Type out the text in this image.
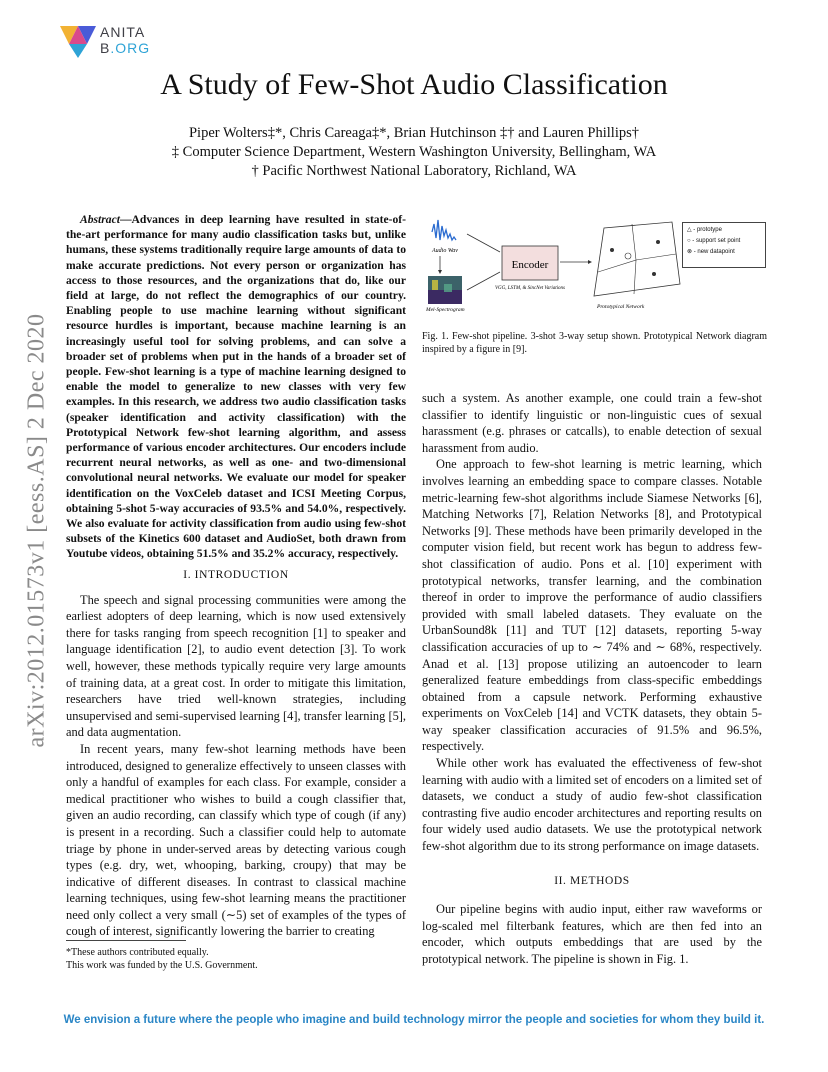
arXiv:2012.01573v1 [eess.AS] 2 Dec 2020
ANITA
B.ORG
A Study of Few-Shot Audio Classification
Piper Wolters‡*, Chris Careaga‡*, Brian Hutchinson ‡† and Lauren Phillips†
‡ Computer Science Department, Western Washington University, Bellingham, WA
† Pacific Northwest National Laboratory, Richland, WA

Abstract—Advances in deep learning have resulted in state-of-the-art performance for many audio classification tasks but, unlike humans, these systems traditionally require large amounts of data to make accurate predictions. Not every person or organization has access to those resources, and the organizations that do, like our field at large, do not reflect the demographics of our country. Enabling people to use machine learning without significant resource hurdles is important, because machine learning is an increasingly useful tool for solving problems, and can solve a broader set of problems when put in the hands of a broader set of people. Few-shot learning is a type of machine learning designed to enable the model to generalize to new classes with very few examples. In this research, we address two audio classification tasks (speaker identification and activity classification) with the Prototypical Network few-shot learning algorithm, and assess performance of various encoder architectures. Our encoders include recurrent neural networks, as well as one- and two-dimensional convolutional neural networks. We evaluate our model for speaker identification on the VoxCeleb dataset and ICSI Meeting Corpus, obtaining 5-shot 5-way accuracies of 93.5% and 54.0%, respectively. We also evaluate for activity classification from audio using few-shot subsets of the Kinetics 600 dataset and AudioSet, both drawn from Youtube videos, obtaining 51.5% and 35.2% accuracy, respectively.

I. INTRODUCTION

The speech and signal processing communities were among the earliest adopters of deep learning, which is now used extensively there for tasks ranging from speech recognition [1] to speaker and language identification [2], to audio event detection [3]. To work well, however, these methods typically require very large amounts of training data, at a great cost. In order to mitigate this limitation, researchers have tried well-known strategies, including unsupervised and semi-supervised learning [4], transfer learning [5], and data augmentation.

In recent years, many few-shot learning methods have been introduced, designed to generalize effectively to unseen classes with only a handful of examples for each class. For example, consider a medical practitioner who wishes to build a cough classifier that, given an audio recording, can classify which type of cough (if any) is present in a recording. Such a classifier could help to automate triage by phone in under-served areas by detecting various cough types (e.g. dry, wet, whooping, barking, croupy) that may be indicative of different diseases. In contrast to classical machine learning techniques, using few-shot learning means the practitioner need only collect a very small (∼5) set of examples of the types of cough of interest, significantly lowering the barrier to creating

*These authors contributed equally.
This work was funded by the U.S. Government.
Audio Wav
Mel-Spectrogram
Encoder
VGG, LSTM, & SincNet Variations
Prototypical Network
△ - prototype
○ - support set point
⊗ - new datapoint
Fig. 1. Few-shot pipeline. 3-shot 3-way setup shown. Prototypical Network diagram inspired by a figure in [9].

such a system. As another example, one could train a few-shot classifier to identify linguistic or non-linguistic cues of sexual harassment (e.g. phrases or catcalls), to enable detection of sexual harassment from audio.

One approach to few-shot learning is metric learning, which involves learning an embedding space to compare classes. Notable metric-learning few-shot algorithms include Siamese Networks [6], Matching Networks [7], Relation Networks [8], and Prototypical Networks [9]. These methods have been primarily developed in the computer vision field, but recent work has begun to address few-shot classification of audio. Pons et al. [10] experiment with prototypical networks, transfer learning, and the combination thereof in order to improve the performance of audio classifiers provided with small labeled datasets. They evaluate on the UrbanSound8k [11] and TUT [12] datasets, reporting 5-way classification accuracies of up to ∼ 74% and ∼ 68%, respectively. Anad et al. [13] propose utilizing an autoencoder to learn generalized feature embeddings from class-specific embeddings obtained from a capsule network. Performing exhaustive experiments on VoxCeleb [14] and VCTK datasets, they obtain 5-way speaker classification accuracies of 91.5% and 96.5%, respectively.

While other work has evaluated the effectiveness of few-shot learning with audio with a limited set of encoders on a limited set of datasets, we conduct a study of audio few-shot classification contrasting five audio encoder architectures and reporting results on four widely used audio datasets. We use the prototypical network few-shot algorithm due to its strong performance on image datasets.

II. METHODS

Our pipeline begins with audio input, either raw waveforms or log-scaled mel filterbank features, which are then fed into an encoder, which outputs embeddings that are used by the prototypical network. The pipeline is shown in Fig. 1.

We envision a future where the people who imagine and build technology mirror the people and societies for whom they build it.
